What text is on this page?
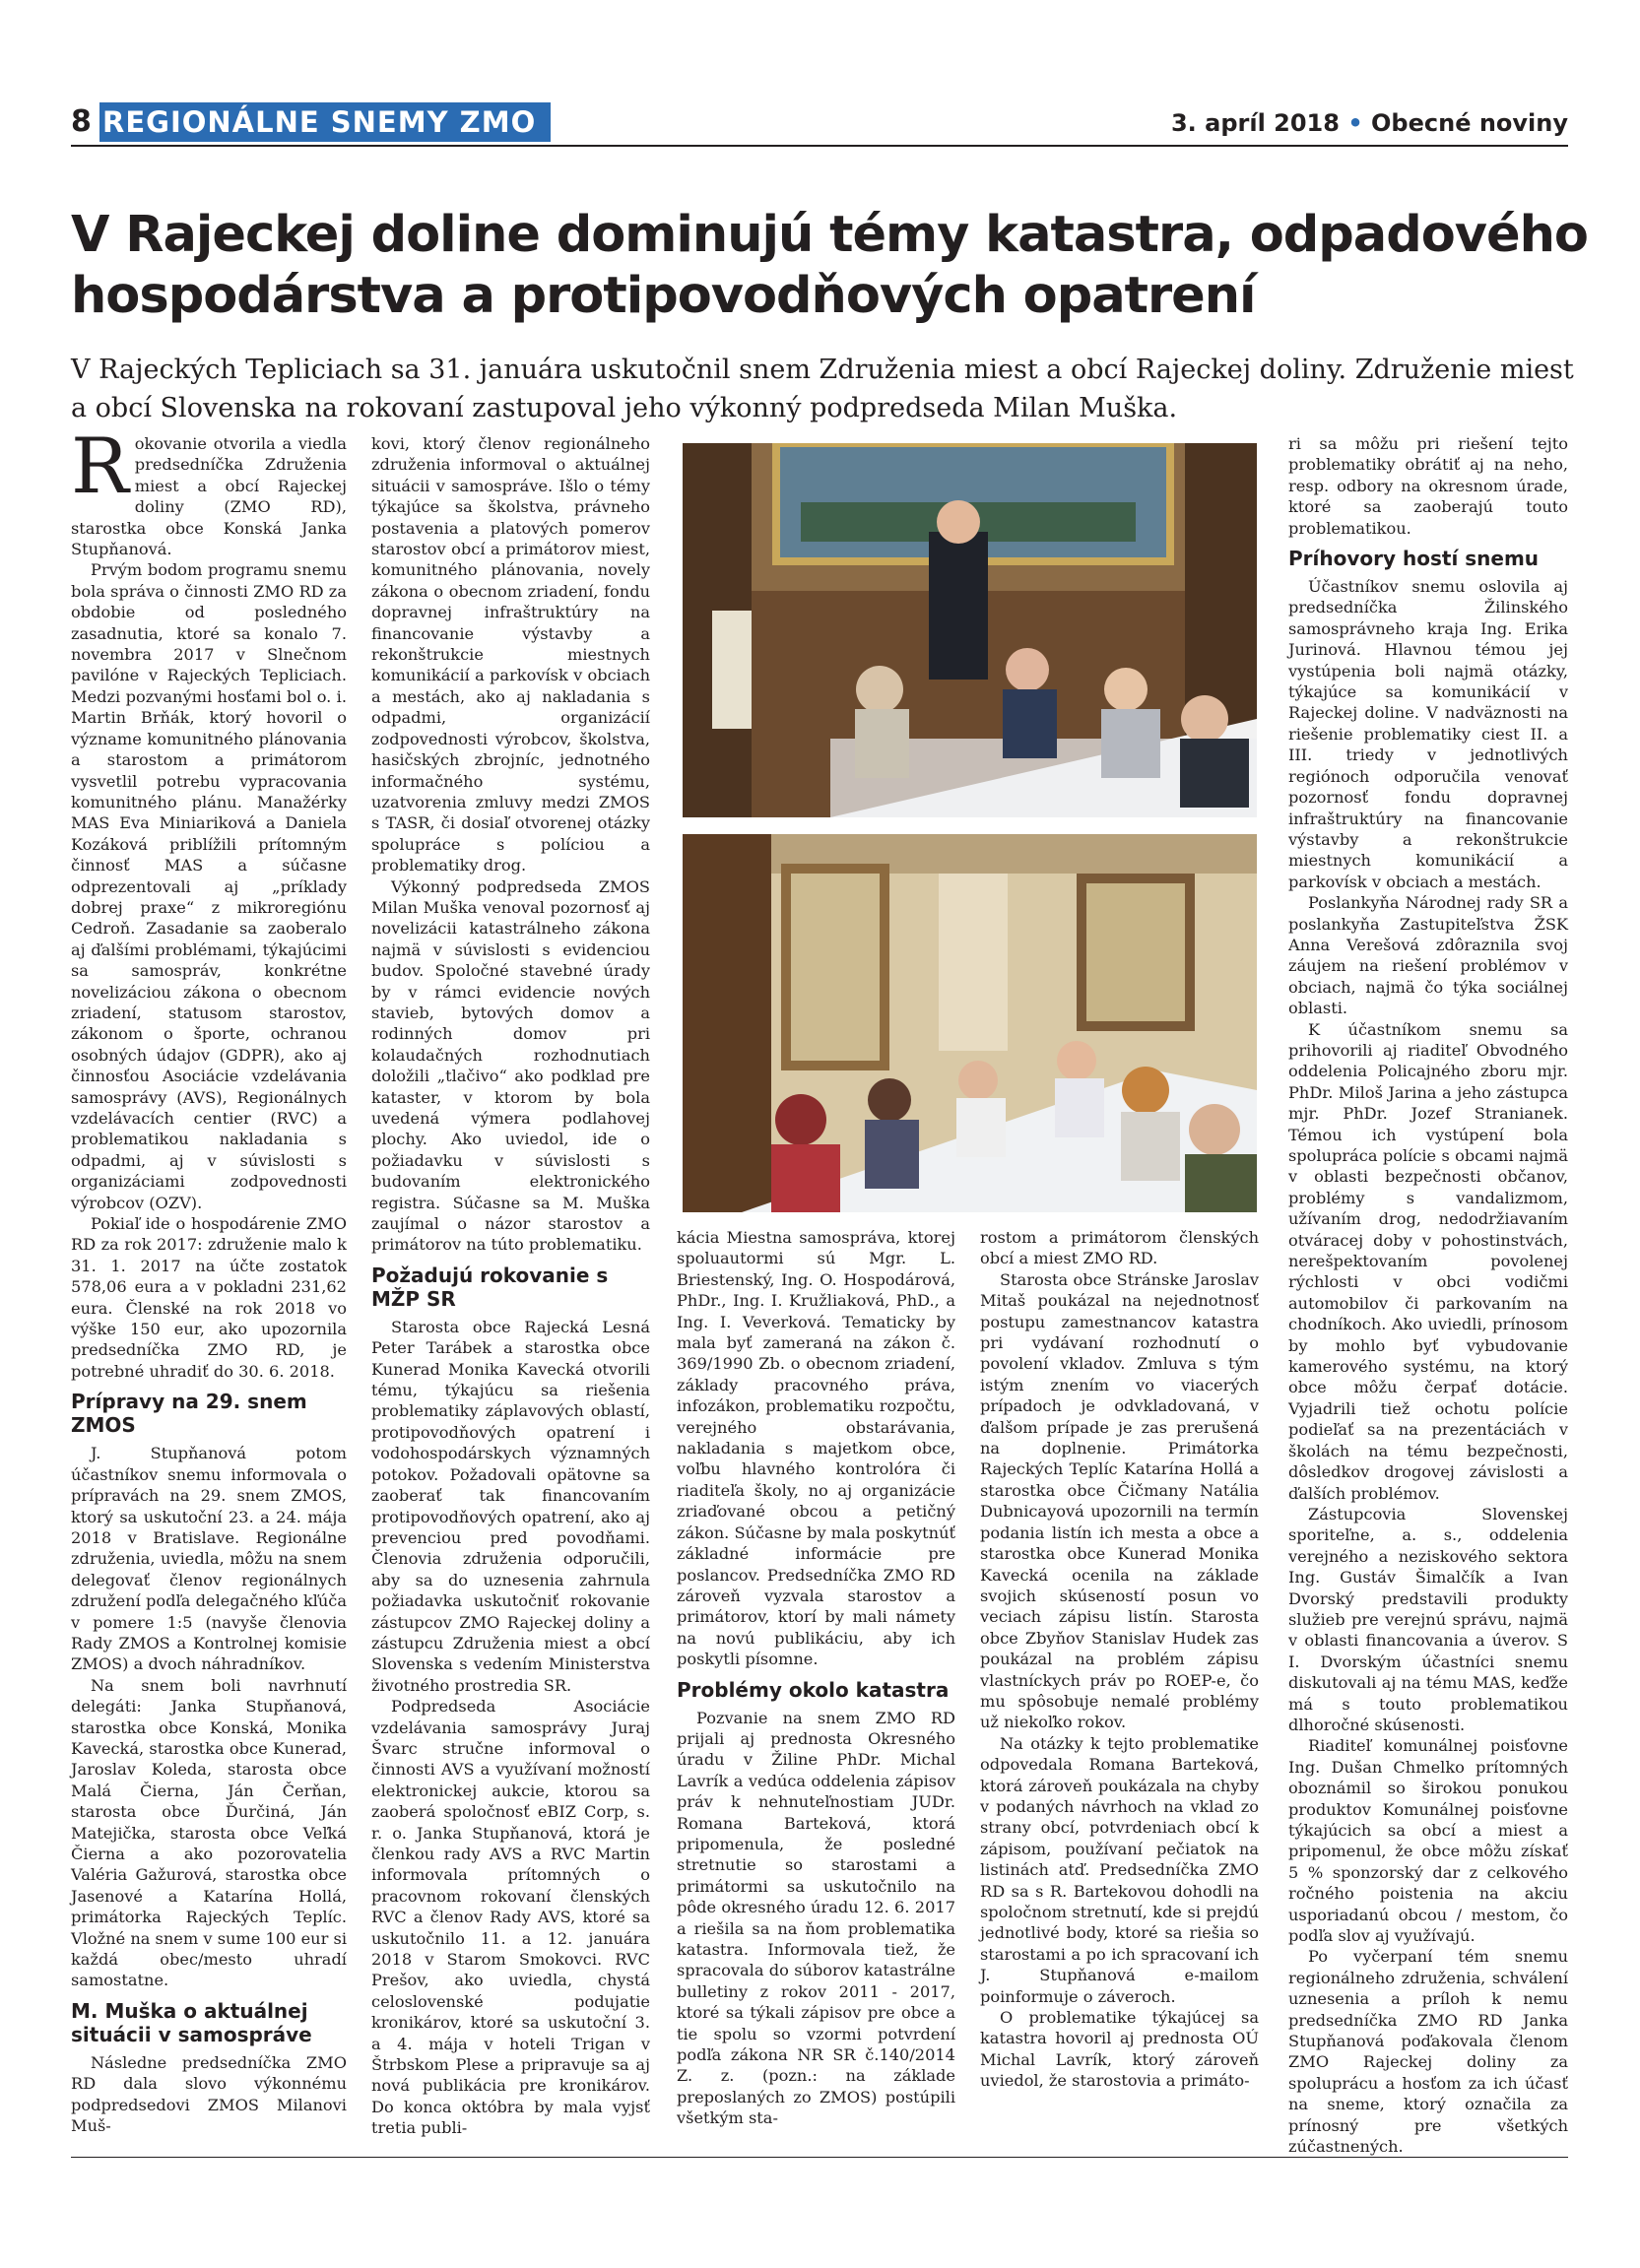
8 REGIONÁLNE SNEMY ZMO	3. apríl 2018 • Obecné noviny
V Rajeckej doline dominujú témy katastra, odpadového
hospodárstva a protipovodňových opatrení
V Rajeckých Tepliciach sa 31. januára uskutočnil snem Združenia miest a obcí Rajeckej doliny. Združenie miest
a obcí Slovenska na rokovaní zastupoval jeho výkonný podpredseda Milan Muška.

Rokovanie otvorila a viedla predsedníčka Združenia miest a obcí Rajeckej doliny (ZMO RD), starostka obce Konská Janka Stupňanová.

Prvým bodom programu snemu bola správa o činnosti ZMO RD za obdobie od posledného zasadnutia, ktoré sa konalo 7. novembra 2017 v Slnečnom pavilóne v Rajeckých Tepliciach. Medzi pozvanými hosťami bol o. i. Martin Brňák, ktorý hovoril o význame komunitného plánovania a starostom a primátorom vysvetlil potrebu vypracovania komunitného plánu. Manažérky MAS Eva Miniariková a Daniela Kozáková priblížili prítomným činnosť MAS a súčasne odprezentovali aj „príklady dobrej praxe“ z mikroregiónu Cedroň. Zasadanie sa zaoberalo aj ďalšími problémami, týkajúcimi sa samospráv, konkrétne novelizáciou zákona o obecnom zriadení, statusom starostov, zákonom o športe, ochranou osobných údajov (GDPR), ako aj činnosťou Asociácie vzdelávania samosprávy (AVS), Regionálnych vzdelávacích centier (RVC) a problematikou nakladania s odpadmi, aj v súvislosti s organizáciami zodpovednosti výrobcov (OZV).

Pokiaľ ide o hospodárenie ZMO RD za rok 2017: združenie malo k 31. 1. 2017 na účte zostatok 578,06 eura a v pokladni 231,62 eura. Členské na rok 2018 vo výške 150 eur, ako upozornila predsedníčka ZMO RD, je potrebné uhradiť do 30. 6. 2018.

Prípravy na 29. snem ZMOS

J. Stupňanová potom účastníkov snemu informovala o prípravách na 29. snem ZMOS, ktorý sa uskutoční 23. a 24. mája 2018 v Bratislave. Regionálne združenia, uviedla, môžu na snem delegovať členov regionálnych združení podľa delegačného kľúča v pomere 1:5 (navyše členovia Rady ZMOS a Kontrolnej komisie ZMOS) a dvoch náhradníkov.

Na snem boli navrhnutí delegáti: Janka Stupňanová, starostka obce Konská, Monika Kavecká, starostka obce Kunerad, Jaroslav Koleda, starosta obce Malá Čierna, Ján Čerňan, starosta obce Ďurčiná, Ján Matejička, starosta obce Veľká Čierna a ako pozorovatelia Valéria Gažurová, starostka obce Jasenové a Katarína Hollá, primátorka Rajeckých Teplíc. Vložné na snem v sume 100 eur si každá obec/mesto uhradí samostatne.

M. Muška o aktuálnej situácii v samospráve

Následne predsedníčka ZMO RD dala slovo výkonnému podpredsedovi ZMOS Milanovi Muš-

kovi, ktorý členov regionálneho združenia informoval o aktuálnej situácii v samospráve. Išlo o témy týkajúce sa školstva, právneho postavenia a platových pomerov starostov obcí a primátorov miest, komunitného plánovania, novely zákona o obecnom zriadení, fondu dopravnej infraštruktúry na financovanie výstavby a rekonštrukcie miestnych komunikácií a parkovísk v obciach a mestách, ako aj nakladania s odpadmi, organizácií zodpovednosti výrobcov, školstva, hasičských zbrojníc, jednotného informačného systému, uzatvorenia zmluvy medzi ZMOS s TASR, či dosiaľ otvorenej otázky spolupráce s políciou a problematiky drog.

Výkonný podpredseda ZMOS Milan Muška venoval pozornosť aj novelizácii katastrálneho zákona najmä v súvislosti s evidenciou budov. Spoločné stavebné úrady by v rámci evidencie nových stavieb, bytových domov a rodinných domov pri kolaudačných rozhodnutiach doložili „tlačivo“ ako podklad pre kataster, v ktorom by bola uvedená výmera podlahovej plochy. Ako uviedol, ide o požiadavku v súvislosti s budovaním elektronického registra. Súčasne sa M. Muška zaujímal o názor starostov a primátorov na túto problematiku.

Požadujú rokovanie s MŽP SR

Starosta obce Rajecká Lesná Peter Tarábek a starostka obce Kunerad Monika Kavecká otvorili tému, týkajúcu sa riešenia problematiky záplavových oblastí, protipovodňových opatrení i vodohospodárskych významných potokov. Požadovali opätovne sa zaoberať tak financovaním protipovodňových opatrení, ako aj prevenciou pred povodňami. Členovia združenia odporučili, aby sa do uznesenia zahrnula požiadavka uskutočniť rokovanie zástupcov ZMO Rajeckej doliny a zástupcu Združenia miest a obcí Slovenska s vedením Ministerstva životného prostredia SR.

Podpredseda Asociácie vzdelávania samosprávy Juraj Švarc stručne informoval o činnosti AVS a využívaní možností elektronickej aukcie, ktorou sa zaoberá spoločnosť eBIZ Corp, s. r. o. Janka Stupňanová, ktorá je členkou rady AVS a RVC Martin informovala prítomných o pracovnom rokovaní členských RVC a členov Rady AVS, ktoré sa uskutočnilo 11. a 12. januára 2018 v Starom Smokovci. RVC Prešov, ako uviedla, chystá celoslovenské podujatie kronikárov, ktoré sa uskutoční 3. a 4. mája v hoteli Trigan v Štrbskom Plese a pripravuje sa aj nová publikácia pre kronikárov. Do konca októbra by mala vyjsť tretia publi-

kácia Miestna samospráva, ktorej spoluautormi sú Mgr. L. Briestenský, Ing. O. Hospodárová, PhDr., Ing. I. Kružliaková, PhD., a Ing. I. Veverková. Tematicky by mala byť zameraná na zákon č. 369/1990 Zb. o obecnom zriadení, základy pracovného práva, infozákon, problematiku rozpočtu, verejného obstarávania, nakladania s majetkom obce, voľbu hlavného kontrolóra či riaditeľa školy, no aj organizácie zriaďované obcou a petičný zákon. Súčasne by mala poskytnúť základné informácie pre poslancov. Predsedníčka ZMO RD zároveň vyzvala starostov a primátorov, ktorí by mali námety na novú publikáciu, aby ich poskytli písomne.

Problémy okolo katastra

Pozvanie na snem ZMO RD prijali aj prednosta Okresného úradu v Žiline PhDr. Michal Lavrík a vedúca oddelenia zápisov práv k nehnuteľnostiam JUDr. Romana Barteková, ktorá pripomenula, že posledné stretnutie so starostami a primátormi sa uskutočnilo na pôde okresného úradu 12. 6. 2017 a riešila sa na ňom problematika katastra. Informovala tiež, že spracovala do súborov katastrálne bulletiny z rokov 2011 - 2017, ktoré sa týkali zápisov pre obce a tie spolu so vzormi potvrdení podľa zákona NR SR č.140/2014 Z. z. (pozn.: na základe preposlaných zo ZMOS) postúpili všetkým sta-

rostom a primátorom členských obcí a miest ZMO RD.

Starosta obce Stránske Jaroslav Mitaš poukázal na nejednotnosť postupu zamestnancov katastra pri vydávaní rozhodnutí o povolení vkladov. Zmluva s tým istým znením vo viacerých prípadoch je odvkladovaná, v ďalšom prípade je zas prerušená na doplnenie. Primátorka Rajeckých Teplíc Katarína Hollá a starostka obce Čičmany Natália Dubnicayová upozornili na termín podania listín ich mesta a obce a starostka obce Kunerad Monika Kavecká ocenila na základe svojich skúseností posun vo veciach zápisu listín. Starosta obce Zbyňov Stanislav Hudek zas poukázal na problém zápisu vlastníckych práv po ROEP-e, čo mu spôsobuje nemalé problémy už niekoľko rokov.

Na otázky k tejto problematike odpovedala Romana Barteková, ktorá zároveň poukázala na chyby v podaných návrhoch na vklad zo strany obcí, potvrdeniach obcí k zápisom, používaní pečiatok na listinách atď. Predsedníčka ZMO RD sa s R. Bartekovou dohodli na spoločnom stretnutí, kde si prejdú jednotlivé body, ktoré sa riešia so starostami a po ich spracovaní ich J. Stupňanová e-mailom poinformuje o záveroch.

O problematike týkajúcej sa katastra hovoril aj prednosta OÚ Michal Lavrík, ktorý zároveň uviedol, že starostovia a primáto-

ri sa môžu pri riešení tejto problematiky obrátiť aj na neho, resp. odbory na okresnom úrade, ktoré sa zaoberajú touto problematikou.

Príhovory hostí snemu

Účastníkov snemu oslovila aj predsedníčka Žilinského samosprávneho kraja Ing. Erika Jurinová. Hlavnou témou jej vystúpenia boli najmä otázky, týkajúce sa komunikácií v Rajeckej doline. V nadväznosti na riešenie problematiky ciest II. a III. triedy v jednotlivých regiónoch odporučila venovať pozornosť fondu dopravnej infraštruktúry na financovanie výstavby a rekonštrukcie miestnych komunikácií a parkovísk v obciach a mestách.

Poslankyňa Národnej rady SR a poslankyňa Zastupiteľstva ŽSK Anna Verešová zdôraznila svoj záujem na riešení problémov v obciach, najmä čo týka sociálnej oblasti.

K účastníkom snemu sa prihovorili aj riaditeľ Obvodného oddelenia Policajného zboru mjr. PhDr. Miloš Jarina a jeho zástupca mjr. PhDr. Jozef Stranianek. Témou ich vystúpení bola spolupráca polície s obcami najmä v oblasti bezpečnosti občanov, problémy s vandalizmom, užívaním drog, nedodržiavaním otváracej doby v pohostinstvách, nerešpektovaním povolenej rýchlosti v obci vodičmi automobilov či parkovaním na chodníkoch. Ako uviedli, prínosom by mohlo byť vybudovanie kamerového systému, na ktorý obce môžu čerpať dotácie. Vyjadrili tiež ochotu polície podieľať sa na prezentáciách v školách na tému bezpečnosti, dôsledkov drogovej závislosti a ďalších problémov.

Zástupcovia Slovenskej sporiteľne, a. s., oddelenia verejného a neziskového sektora Ing. Gustáv Šimalčík a Ivan Dvorský predstavili produkty služieb pre verejnú správu, najmä v oblasti financovania a úverov. S I. Dvorským účastníci snemu diskutovali aj na tému MAS, keďže má s touto problematikou dlhoročné skúsenosti.

Riaditeľ komunálnej poisťovne Ing. Dušan Chmelko prítomných oboznámil so širokou ponukou produktov Komunálnej poisťovne týkajúcich sa obcí a miest a pripomenul, že obce môžu získať 5 % sponzorský dar z celkového ročného poistenia na akciu usporiadanú obcou / mestom, čo podľa slov aj využívajú.

Po vyčerpaní tém snemu regionálneho združenia, schválení uznesenia a príloh k nemu predsedníčka ZMO RD Janka Stupňanová poďakovala členom ZMO Rajeckej doliny za spoluprácu a hosťom za ich účasť na sneme, ktorý označila za prínosný pre všetkých zúčastnených.
